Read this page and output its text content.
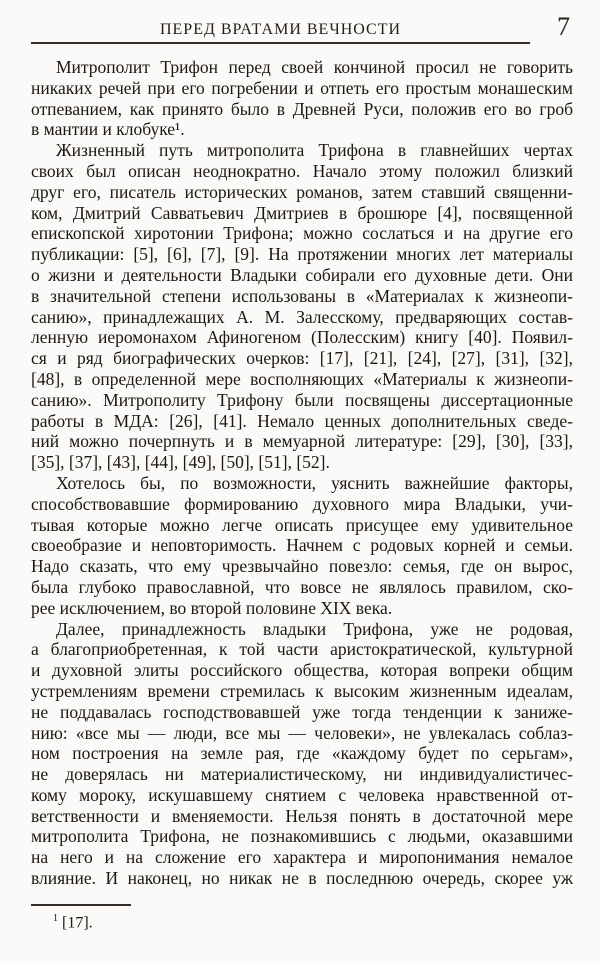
ПЕРЕД ВРАТАМИ ВЕЧНОСТИ	7
Митрополит Трифон перед своей кончиной просил не говорить
никаких речей при его погребении и отпеть его простым монашеским
отпеванием, как принято было в Древней Руси, положив его во гроб
в мантии и клобуке¹.
Жизненный путь митрополита Трифона в главнейших чертах
своих был описан неоднократно. Начало этому положил близкий
друг его, писатель исторических романов, затем ставший священни-
ком, Дмитрий Савватьевич Дмитриев в брошюре [4], посвященной
епископской хиротонии Трифона; можно сослаться и на другие его
публикации: [5], [6], [7], [9]. На протяжении многих лет материалы
о жизни и деятельности Владыки собирали его духовные дети. Они
в значительной степени использованы в «Материалах к жизнеопи-
санию», принадлежащих А. М. Залесскому, предваряющих состав-
ленную иеромонахом Афиногеном (Полесским) книгу [40]. Появил-
ся и ряд биографических очерков: [17], [21], [24], [27], [31], [32],
[48], в определенной мере восполняющих «Материалы к жизнеопи-
санию». Митрополиту Трифону были посвящены диссертационные
работы в МДА: [26], [41]. Немало ценных дополнительных сведе-
ний можно почерпнуть и в мемуарной литературе: [29], [30], [33],
[35], [37], [43], [44], [49], [50], [51], [52].
Хотелось бы, по возможности, уяснить важнейшие факторы,
способствовавшие формированию духовного мира Владыки, учи-
тывая которые можно легче описать присущее ему удивительное
своеобразие и неповторимость. Начнем с родовых корней и семьи.
Надо сказать, что ему чрезвычайно повезло: семья, где он вырос,
была глубоко православной, что вовсе не являлось правилом, ско-
рее исключением, во второй половине XIX века.
Далее, принадлежность владыки Трифона, уже не родовая,
а благоприобретенная, к той части аристократической, культурной
и духовной элиты российского общества, которая вопреки общим
устремлениям времени стремилась к высоким жизненным идеалам,
не поддавалась господствовавшей уже тогда тенденции к заниже-
нию: «все мы — люди, все мы — человеки», не увлекалась соблаз-
ном построения на земле рая, где «каждому будет по серьгам»,
не доверялась ни материалистическому, ни индивидуалистичес-
кому мороку, искушавшему снятием с человека нравственной от-
ветственности и вменяемости. Нельзя понять в достаточной мере
митрополита Трифона, не познакомившись с людьми, оказавшими
на него и на сложение его характера и миропонимания немалое
влияние. И наконец, но никак не в последнюю очередь, скорее уж
$^1$ [17].
